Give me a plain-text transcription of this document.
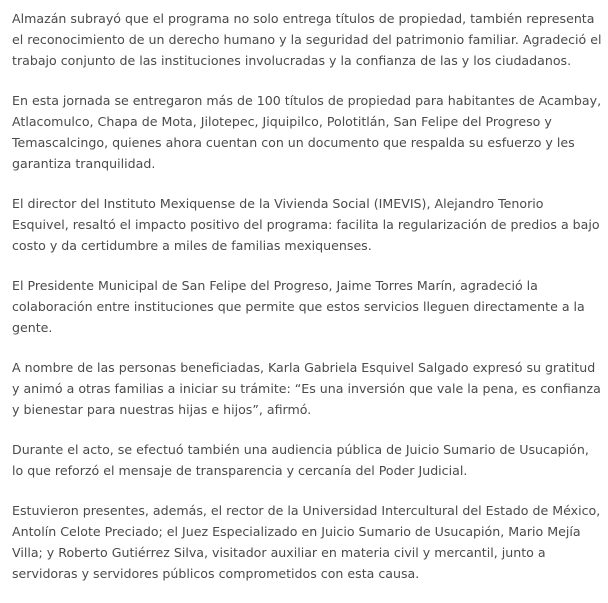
Almazán subrayó que el programa no solo entrega títulos de propiedad, también representa el reconocimiento de un derecho humano y la seguridad del patrimonio familiar. Agradeció el trabajo conjunto de las instituciones involucradas y la confianza de las y los ciudadanos.

En esta jornada se entregaron más de 100 títulos de propiedad para habitantes de Acambay, Atlacomulco, Chapa de Mota, Jilotepec, Jiquipilco, Polotitlán, San Felipe del Progreso y Temascalcingo, quienes ahora cuentan con un documento que respalda su esfuerzo y les garantiza tranquilidad.

El director del Instituto Mexiquense de la Vivienda Social (IMEVIS), Alejandro Tenorio Esquivel, resaltó el impacto positivo del programa: facilita la regularización de predios a bajo costo y da certidumbre a miles de familias mexiquenses.

El Presidente Municipal de San Felipe del Progreso, Jaime Torres Marín, agradeció la colaboración entre instituciones que permite que estos servicios lleguen directamente a la gente.

A nombre de las personas beneficiadas, Karla Gabriela Esquivel Salgado expresó su gratitud y animó a otras familias a iniciar su trámite: “Es una inversión que vale la pena, es confianza y bienestar para nuestras hijas e hijos”, afirmó.

Durante el acto, se efectuó también una audiencia pública de Juicio Sumario de Usucapión, lo que reforzó el mensaje de transparencia y cercanía del Poder Judicial.

Estuvieron presentes, además, el rector de la Universidad Intercultural del Estado de México, Antolín Celote Preciado; el Juez Especializado en Juicio Sumario de Usucapión, Mario Mejía Villa; y Roberto Gutiérrez Silva, visitador auxiliar en materia civil y mercantil, junto a servidoras y servidores públicos comprometidos con esta causa.
